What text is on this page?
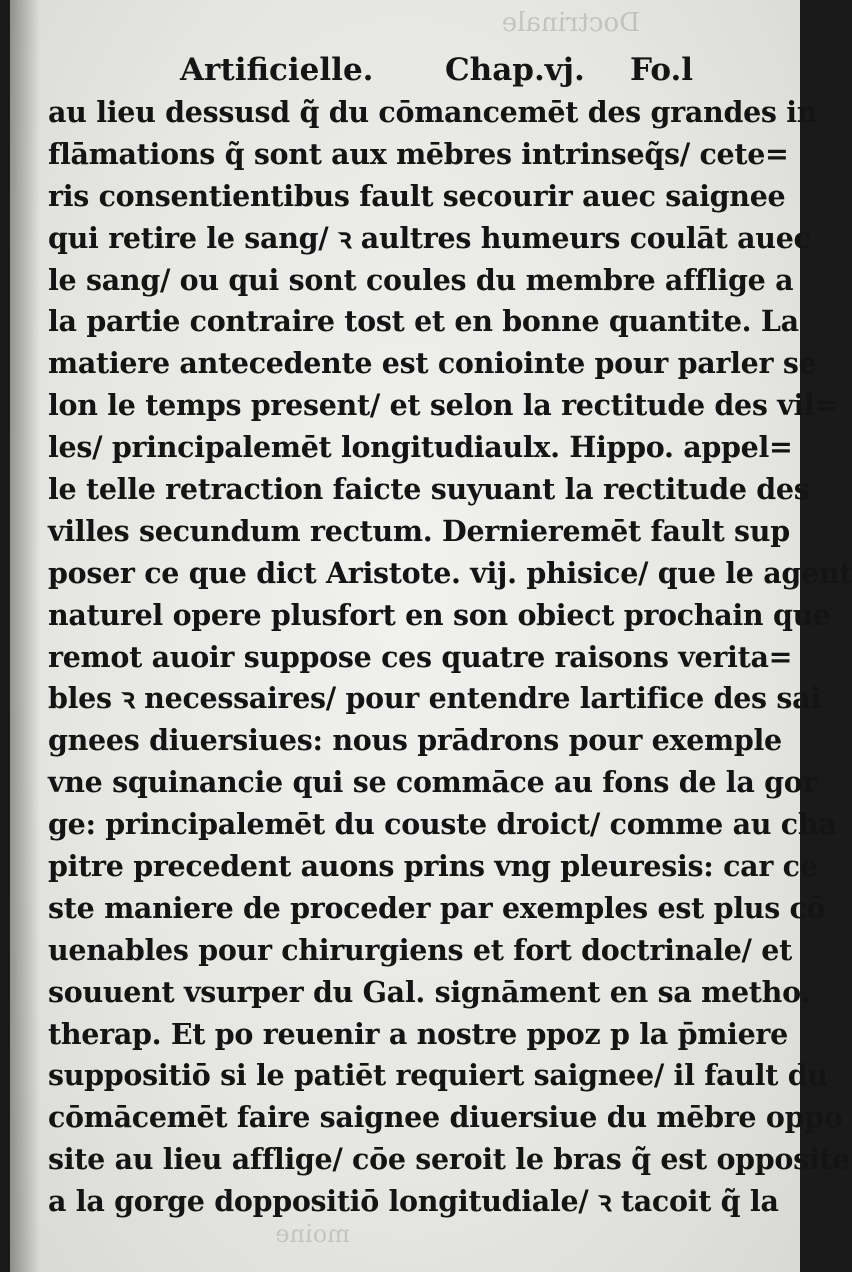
Doctrinale
moine
Artificielle. Chap.vj. Fo.l
au lieu dessusd q̃ du cōmancemēt des grandes in
flāmations q̃ sont aux mēbres intrinseq̃s/ cete=
ris consentientibus fault secourir auec saignee
qui retire le sang/ ꝛ aultres humeurs coulāt auec
le sang/ ou qui sont coules du membre afflige a
la partie contraire tost et en bonne quantite. La
matiere antecedente est coniointe pour parler se
lon le temps present/ et selon la rectitude des vil=
les/ principalemēt longitudiaulx. Hippo. appel=
le telle retraction faicte suyuant la rectitude des
villes secundum rectum. Dernieremēt fault sup
poser ce que dict Aristote. vij. phisice/ que le agent
naturel opere plusfort en son obiect prochain que
remot auoir suppose ces quatre raisons verita=
bles ꝛ necessaires/ pour entendre lartifice des sai
gnees diuersiues: nous prādrons pour exemple
vne squinancie qui se commāce au fons de la gor
ge: principalemēt du couste droict/ comme au cha
pitre precedent auons prins vng pleuresis: car ce
ste maniere de proceder par exemples est plus cō
uenables pour chirurgiens et fort doctrinale/ et
souuent vsurper du Gal. signāment en sa metho.
therap. Et po reuenir a nostre ppoz p la p̄miere
suppositiō si le patiēt requiert saignee/ il fault du
cōmācemēt faire saignee diuersiue du mēbre oppo
site au lieu afflige/ cōe seroit le bras q̃ est opposite
a la gorge doppositiō longitudiale/ ꝛ tacoit q̃ la
